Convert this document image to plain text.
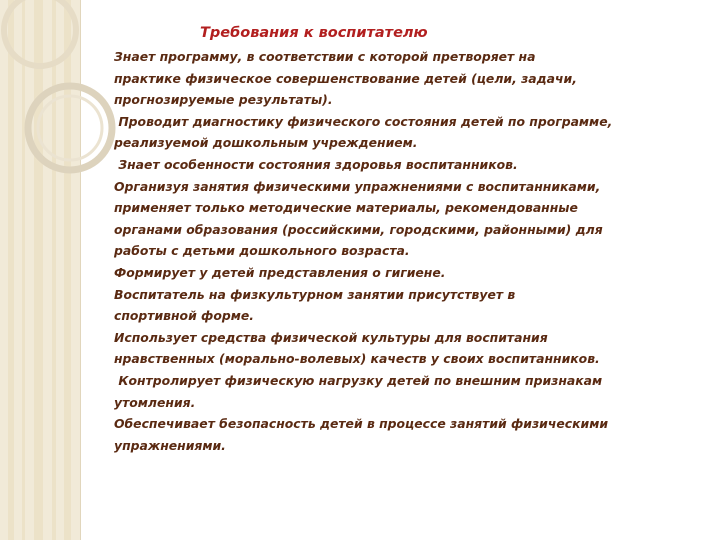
Требования к воспитателю
Знает программу, в соответствии с которой претворяет на
практике физическое совершенствование детей (цели, задачи,
прогнозируемые результаты).
Проводит диагностику физического состояния детей по программе,
реализуемой дошкольным учреждением.
Знает особенности состояния здоровья воспитанников.
Организуя занятия физическими упражнениями с воспитанниками,
применяет только методические материалы, рекомендованные
органами образования (российскими, городскими, районными) для
работы с детьми дошкольного возраста.
Формирует у детей представления о гигиене.
Воспитатель на физкультурном занятии присутствует в
спортивной форме.
Использует средства физической культуры для воспитания
нравственных (морально-волевых) качеств у своих воспитанников.
Контролирует физическую нагрузку детей по внешним признакам
утомления.
Обеспечивает безопасность детей в процессе занятий физическими
упражнениями.
